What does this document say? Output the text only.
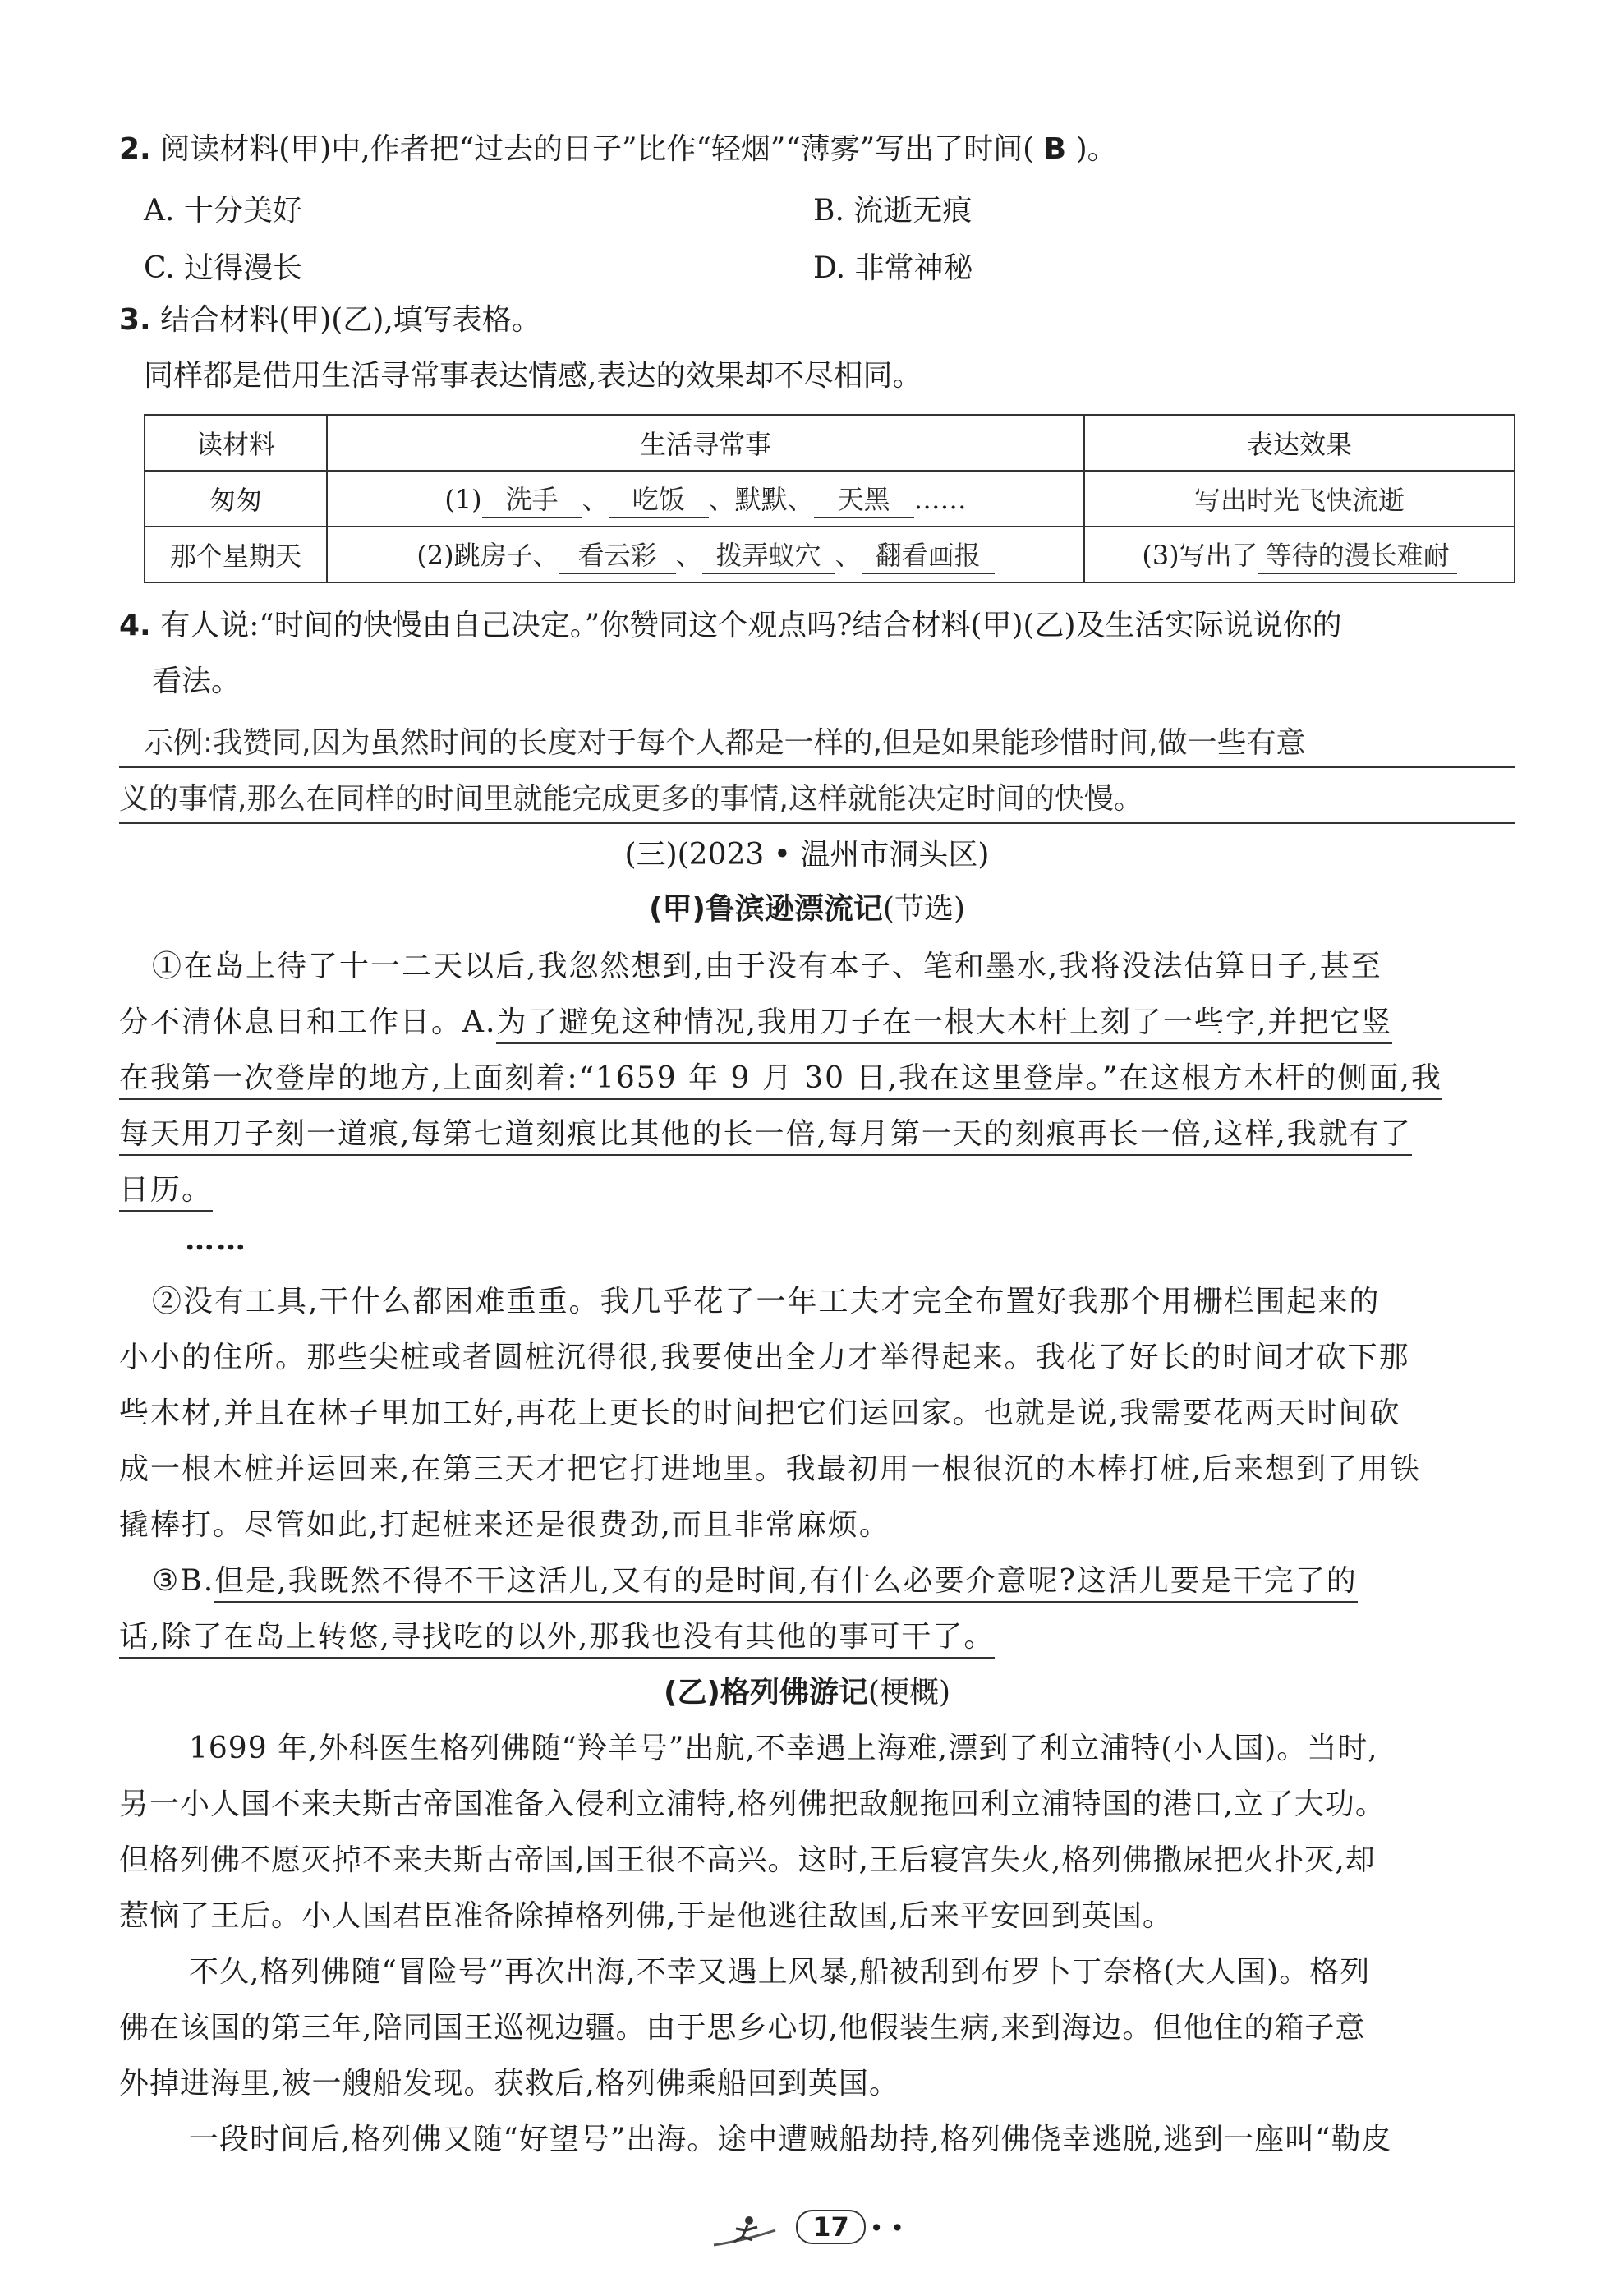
2. 阅读材料(甲)中,作者把“过去的日子”比作“轻烟”“薄雾”写出了时间( B )。
A. 十分美好	B. 流逝无痕
C. 过得漫长	D. 非常神秘
3. 结合材料(甲)(乙),填写表格。
同样都是借用生活寻常事表达情感,表达的效果却不尽相同。
读材料	生活寻常事	表达效果
匆匆	(1) 洗手 、 吃饭 、默默、 天黑 ……	写出时光飞快流逝
那个星期天	(2)跳房子、 看云彩 、 拨弄蚁穴 、 翻看画报	(3)写出了 等待的漫长难耐
4. 有人说:“时间的快慢由自己决定。”你赞同这个观点吗?结合材料(甲)(乙)及生活实际说说你的
看法。
示例:我赞同,因为虽然时间的长度对于每个人都是一样的,但是如果能珍惜时间,做一些有意
义的事情,那么在同样的时间里就能完成更多的事情,这样就能决定时间的快慢。
(三)(2023 • 温州市洞头区)
(甲)鲁滨逊漂流记(节选)
①在岛上待了十一二天以后,我忽然想到,由于没有本子、笔和墨水,我将没法估算日子,甚至
分不清休息日和工作日。A.为了避免这种情况,我用刀子在一根大木杆上刻了一些字,并把它竖
在我第一次登岸的地方,上面刻着:“1659 年 9 月 30 日,我在这里登岸。”在这根方木杆的侧面,我
每天用刀子刻一道痕,每第七道刻痕比其他的长一倍,每月第一天的刻痕再长一倍,这样,我就有了
日历。
……
②没有工具,干什么都困难重重。我几乎花了一年工夫才完全布置好我那个用栅栏围起来的
小小的住所。那些尖桩或者圆桩沉得很,我要使出全力才举得起来。我花了好长的时间才砍下那
些木材,并且在林子里加工好,再花上更长的时间把它们运回家。也就是说,我需要花两天时间砍
成一根木桩并运回来,在第三天才把它打进地里。我最初用一根很沉的木棒打桩,后来想到了用铁
撬棒打。尽管如此,打起桩来还是很费劲,而且非常麻烦。
③B.但是,我既然不得不干这活儿,又有的是时间,有什么必要介意呢?这活儿要是干完了的
话,除了在岛上转悠,寻找吃的以外,那我也没有其他的事可干了。
(乙)格列佛游记(梗概)
1699 年,外科医生格列佛随“羚羊号”出航,不幸遇上海难,漂到了利立浦特(小人国)。当时,
另一小人国不来夫斯古帝国准备入侵利立浦特,格列佛把敌舰拖回利立浦特国的港口,立了大功。
但格列佛不愿灭掉不来夫斯古帝国,国王很不高兴。这时,王后寝宫失火,格列佛撒尿把火扑灭,却
惹恼了王后。小人国君臣准备除掉格列佛,于是他逃往敌国,后来平安回到英国。
不久,格列佛随“冒险号”再次出海,不幸又遇上风暴,船被刮到布罗卜丁奈格(大人国)。格列
佛在该国的第三年,陪同国王巡视边疆。由于思乡心切,他假装生病,来到海边。但他住的箱子意
外掉进海里,被一艘船发现。获救后,格列佛乘船回到英国。
一段时间后,格列佛又随“好望号”出海。途中遭贼船劫持,格列佛侥幸逃脱,逃到一座叫“勒皮
17 • •
